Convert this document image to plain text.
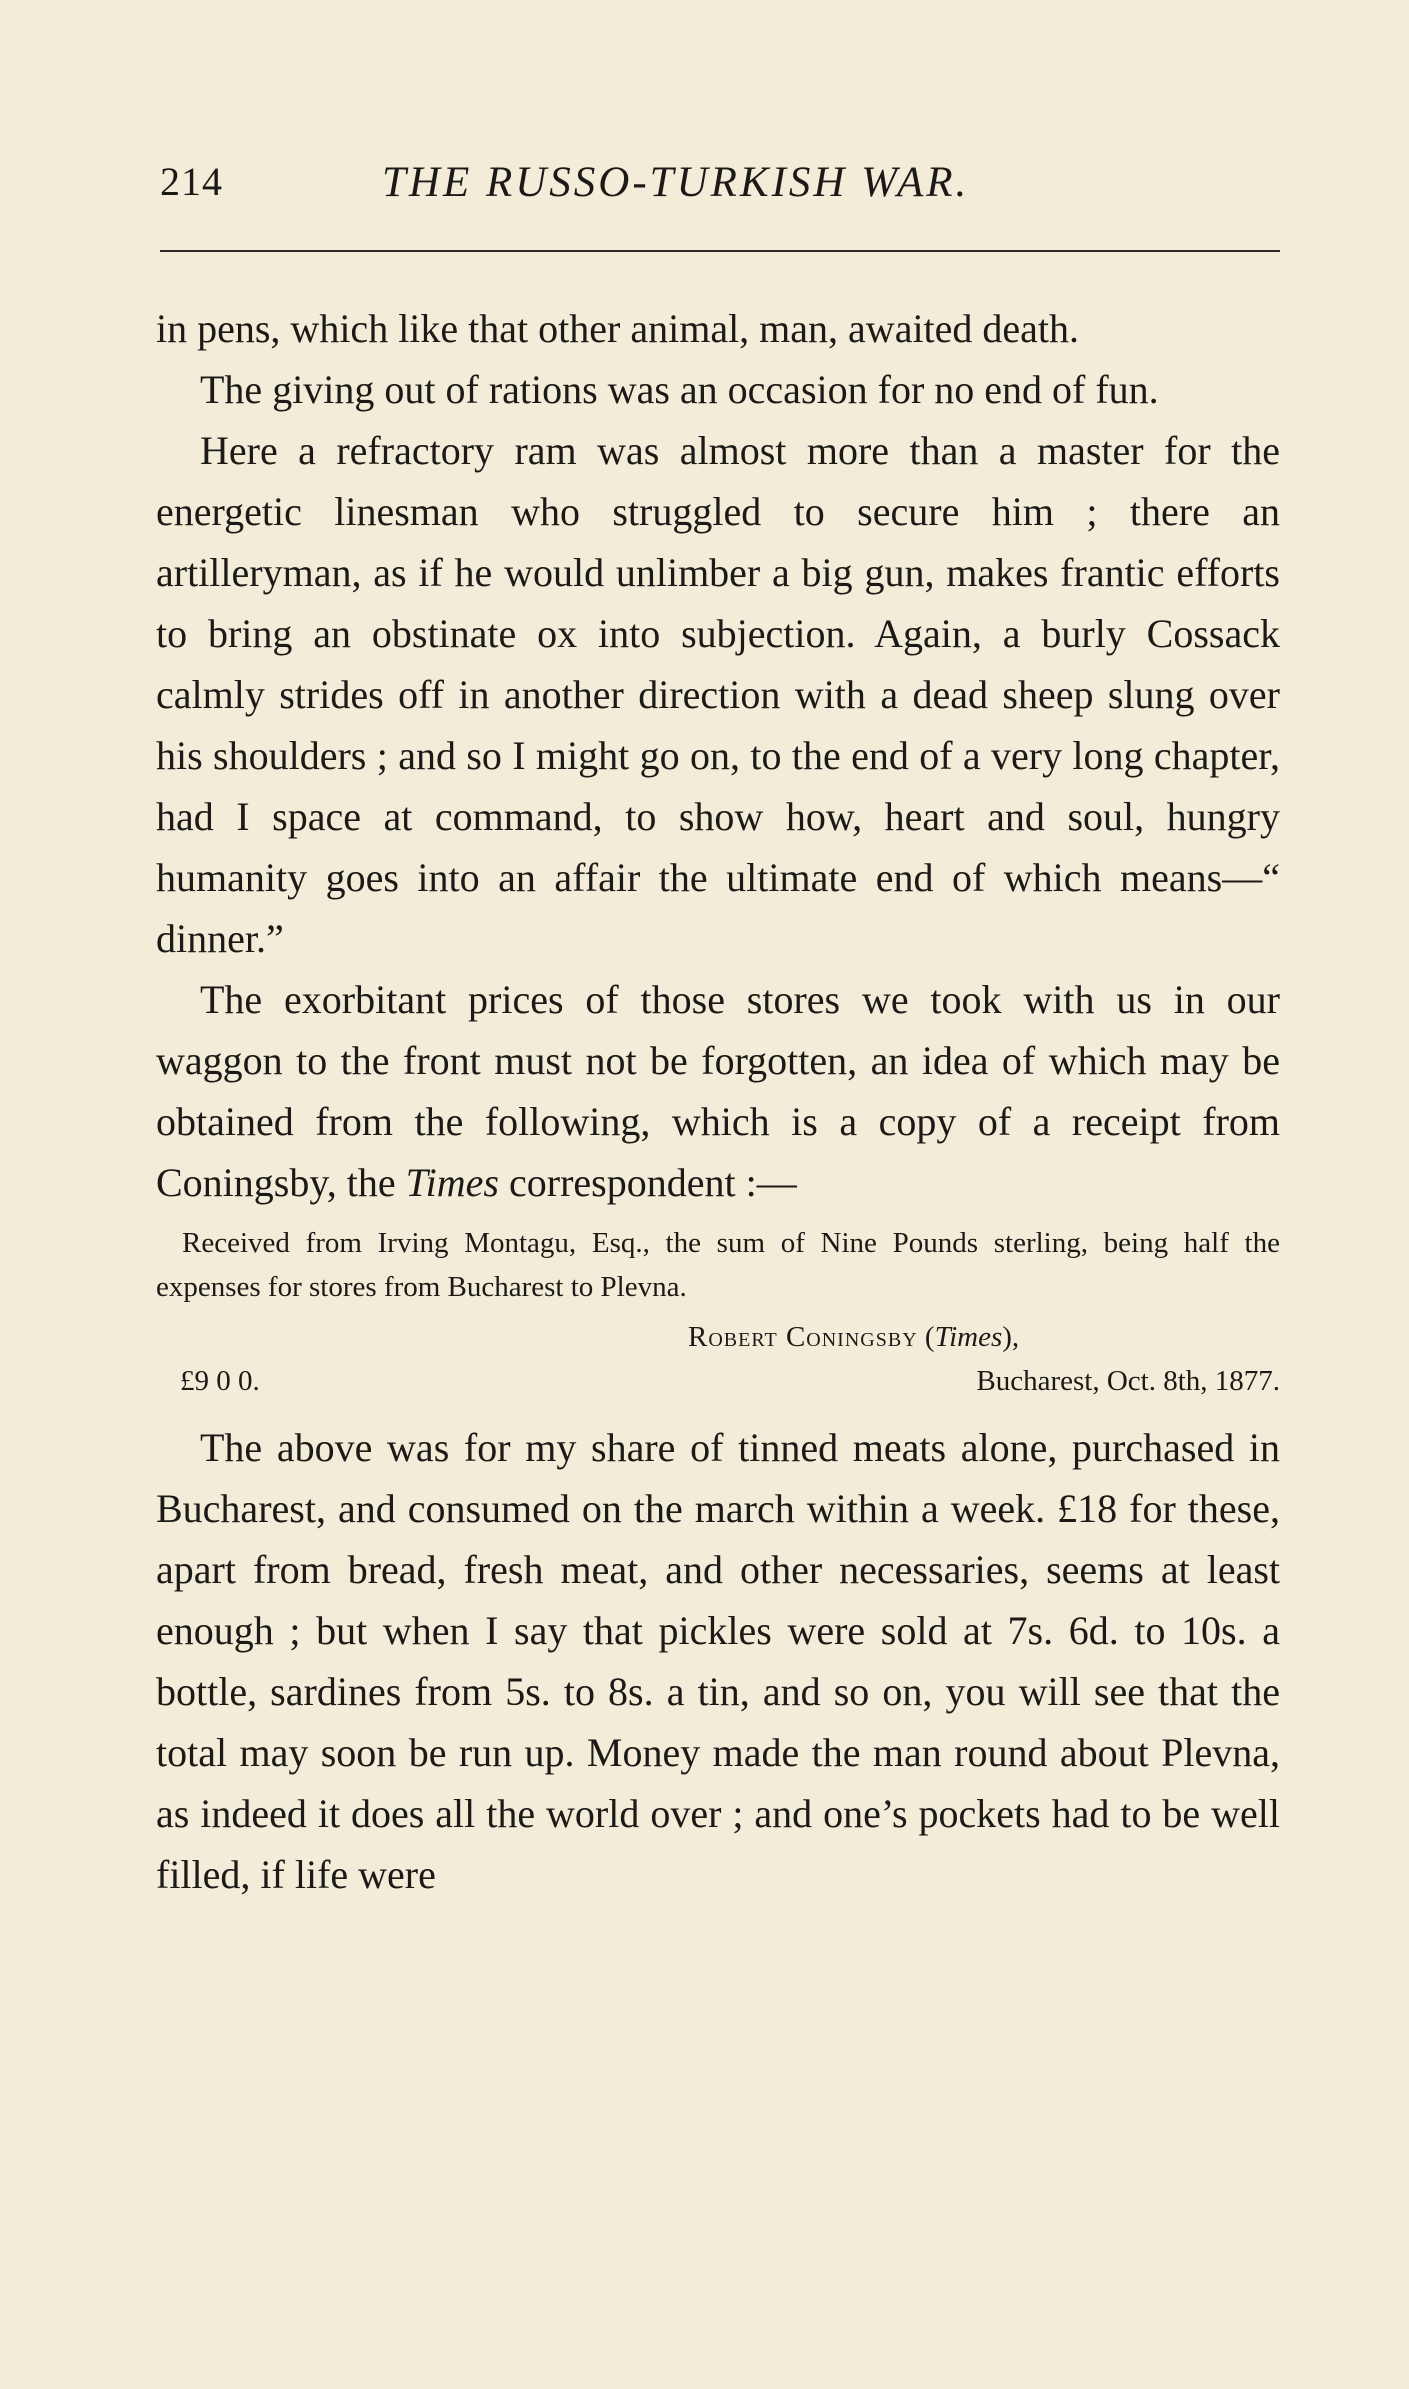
214	THE RUSSO-TURKISH WAR.

in pens, which like that other animal, man, awaited death.

The giving out of rations was an occasion for no end of fun.

Here a refractory ram was almost more than a master for the energetic linesman who struggled to secure him ; there an artilleryman, as if he would unlimber a big gun, makes frantic efforts to bring an obstinate ox into subjection. Again, a burly Cossack calmly strides off in another direction with a dead sheep slung over his shoulders ; and so I might go on, to the end of a very long chapter, had I space at command, to show how, heart and soul, hungry humanity goes into an affair the ultimate end of which means—“ dinner.”

The exorbitant prices of those stores we took with us in our waggon to the front must not be forgotten, an idea of which may be obtained from the following, which is a copy of a receipt from Coningsby, the Times correspondent :—

Received from Irving Montagu, Esq., the sum of Nine Pounds sterling, being half the expenses for stores from Bucharest to Plevna.

Robert Coningsby (Times),

£9 0 0.	Bucharest, Oct. 8th, 1877.

The above was for my share of tinned meats alone, purchased in Bucharest, and consumed on the march within a week. £18 for these, apart from bread, fresh meat, and other necessaries, seems at least enough ; but when I say that pickles were sold at 7s. 6d. to 10s. a bottle, sardines from 5s. to 8s. a tin, and so on, you will see that the total may soon be run up. Money made the man round about Plevna, as indeed it does all the world over ; and one’s pockets had to be well filled, if life were
